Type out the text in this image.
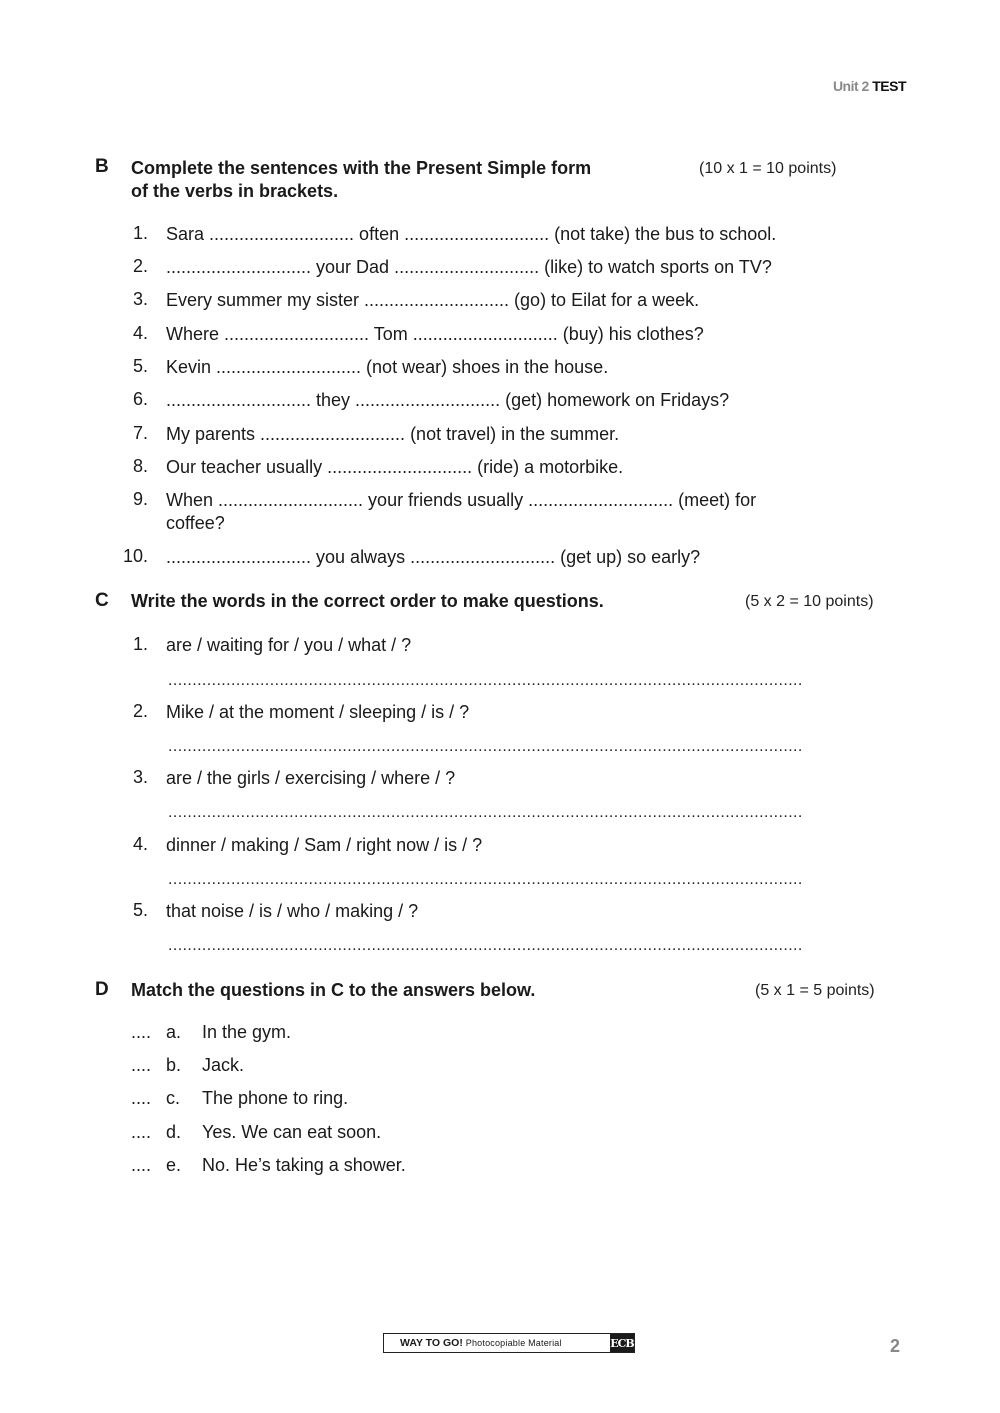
Unit 2 TEST
B Complete the sentences with the Present Simple form
of the verbs in brackets.
(10 x 1 = 10 points)
1. Sara ............................. often ............................. (not take) the bus to school.
2. ............................. your Dad ............................. (like) to watch sports on TV?
3. Every summer my sister ............................. (go) to Eilat for a week.
4. Where ............................. Tom ............................. (buy) his clothes?
5. Kevin ............................. (not wear) shoes in the house.
6. ............................. they ............................. (get) homework on Fridays?
7. My parents ............................. (not travel) in the summer.
8. Our teacher usually ............................. (ride) a motorbike.
9. When ............................. your friends usually ............................. (meet) for
coffee?
10. ............................. you always ............................. (get up) so early?
C Write the words in the correct order to make questions.	(5 x 2 = 10 points)
1. are / waiting for / you / what / ?
...................................................................................................................................
2. Mike / at the moment / sleeping / is / ?
...................................................................................................................................
3. are / the girls / exercising / where / ?
...................................................................................................................................
4. dinner / making / Sam / right now / is / ?
...................................................................................................................................
5. that noise / is / who / making / ?
...................................................................................................................................
D Match the questions in C to the answers below.	(5 x 1 = 5 points)
.... a. In the gym.
.... b. Jack.
.... c. The phone to ring.
.... d. Yes. We can eat soon.
.... e. No. He’s taking a shower.
WAY TO GO! Photocopiable Material	ECB	2
